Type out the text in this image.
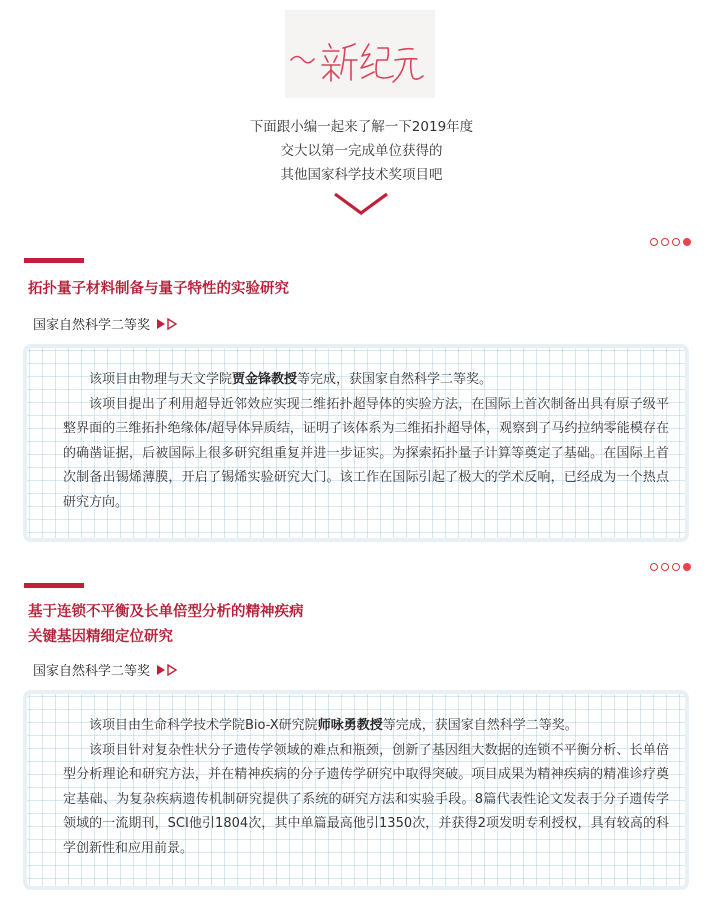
下面跟小编一起来了解一下2019年度
交大以第一完成单位获得的
其他国家科学技术奖项目吧
拓扑量子材料制备与量子特性的实验研究
国家自然科学二等奖

该项目由物理与天文学院贾金锋教授等完成，获国家自然科学二等奖。

该项目提出了利用超导近邻效应实现二维拓扑超导体的实验方法，在国际上首次制备出具有原子级平整界面的三维拓扑绝缘体/超导体异质结，证明了该体系为二维拓扑超导体，观察到了马约拉纳零能模存在的确凿证据，后被国际上很多研究组重复并进一步证实。为探索拓扑量子计算等奠定了基础。在国际上首次制备出锡烯薄膜，开启了锡烯实验研究大门。该工作在国际引起了极大的学术反响，已经成为一个热点研究方向。

基于连锁不平衡及长单倍型分析的精神疾病
关键基因精细定位研究
国家自然科学二等奖

该项目由生命科学技术学院Bio-X研究院师咏勇教授等完成，获国家自然科学二等奖。

该项目针对复杂性状分子遗传学领域的难点和瓶颈，创新了基因组大数据的连锁不平衡分析、长单倍型分析理论和研究方法，并在精神疾病的分子遗传学研究中取得突破。项目成果为精神疾病的精准诊疗奠定基础、为复杂疾病遗传机制研究提供了系统的研究方法和实验手段。8篇代表性论文发表于分子遗传学领域的一流期刊，SCI他引1804次，其中单篇最高他引1350次，并获得2项发明专利授权，具有较高的科学创新性和应用前景。
